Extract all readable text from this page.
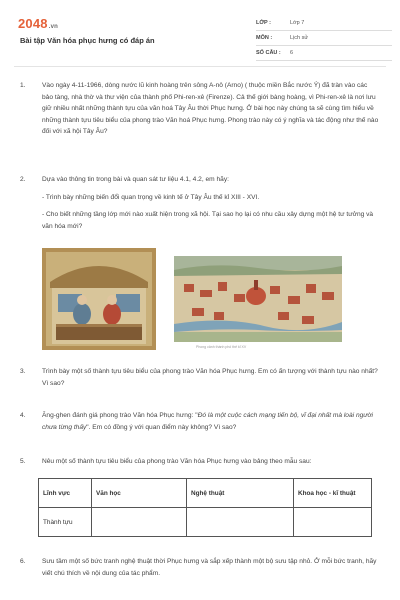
2048.vn
Bài tập Văn hóa phục hưng có đáp án
LỚP :	Lớp 7
MÔN :	Lịch sử
SỐ CÂU :	6
1.	Vào ngày 4-11-1966, dòng nước lũ kinh hoàng trên sông A-nô (Arno) ( thuộc miền Bắc nước Ý) đã tràn vào các bảo tàng, nhà thờ và thư viện của thành phố Phi-ren-xê (Firenze). Cả thế giới bàng hoàng, vì Phi-ren-xê là nơi lưu giữ nhiều nhất những thành tựu của văn hoá Tây Âu thời Phục hưng. Ở bài học này chúng ta sẽ cùng tìm hiểu về những thành tựu tiêu biểu của phong trào Văn hoá Phục hưng. Phong trào này có ý nghĩa và tác động như thế nào đối với xã hội Tây Âu?

2.	Dựa vào thông tin trong bài và quan sát tư liệu 4.1, 4.2, em hãy:

- Trình bày những biến đổi quan trọng về kinh tế ở Tây Âu thế kỉ XIII - XVI.

- Cho biết những tầng lớp mới nào xuất hiện trong xã hội. Tại sao họ lại có nhu cầu xây dựng một hệ tư tưởng và văn hóa mới?

Phong cảnh thành phố thế kỉ XV
3.	Trình bày một số thành tựu tiêu biểu của phong trào Văn hóa Phục hưng. Em có ấn tượng với thành tựu nào nhất? Vì sao?

4.	Ăng-ghen đánh giá phong trào Văn hóa Phục hưng: "Đó là một cuộc cách mạng tiến bộ, vĩ đại nhất mà loài người chưa từng thấy". Em có đồng ý với quan điểm này không? Vì sao?

5.	Nêu một số thành tựu tiêu biểu của phong trào Văn hóa Phục hưng vào bảng theo mẫu sau:

Lĩnh vực	Văn học	Nghệ thuật	Khoa học - kĩ thuật
Thành tựu			
6.	Sưu tầm một số bức tranh nghệ thuật thời Phục hưng và sắp xếp thành một bộ sưu tập nhỏ. Ở mỗi bức tranh, hãy viết chú thích về nội dung của tác phẩm.
